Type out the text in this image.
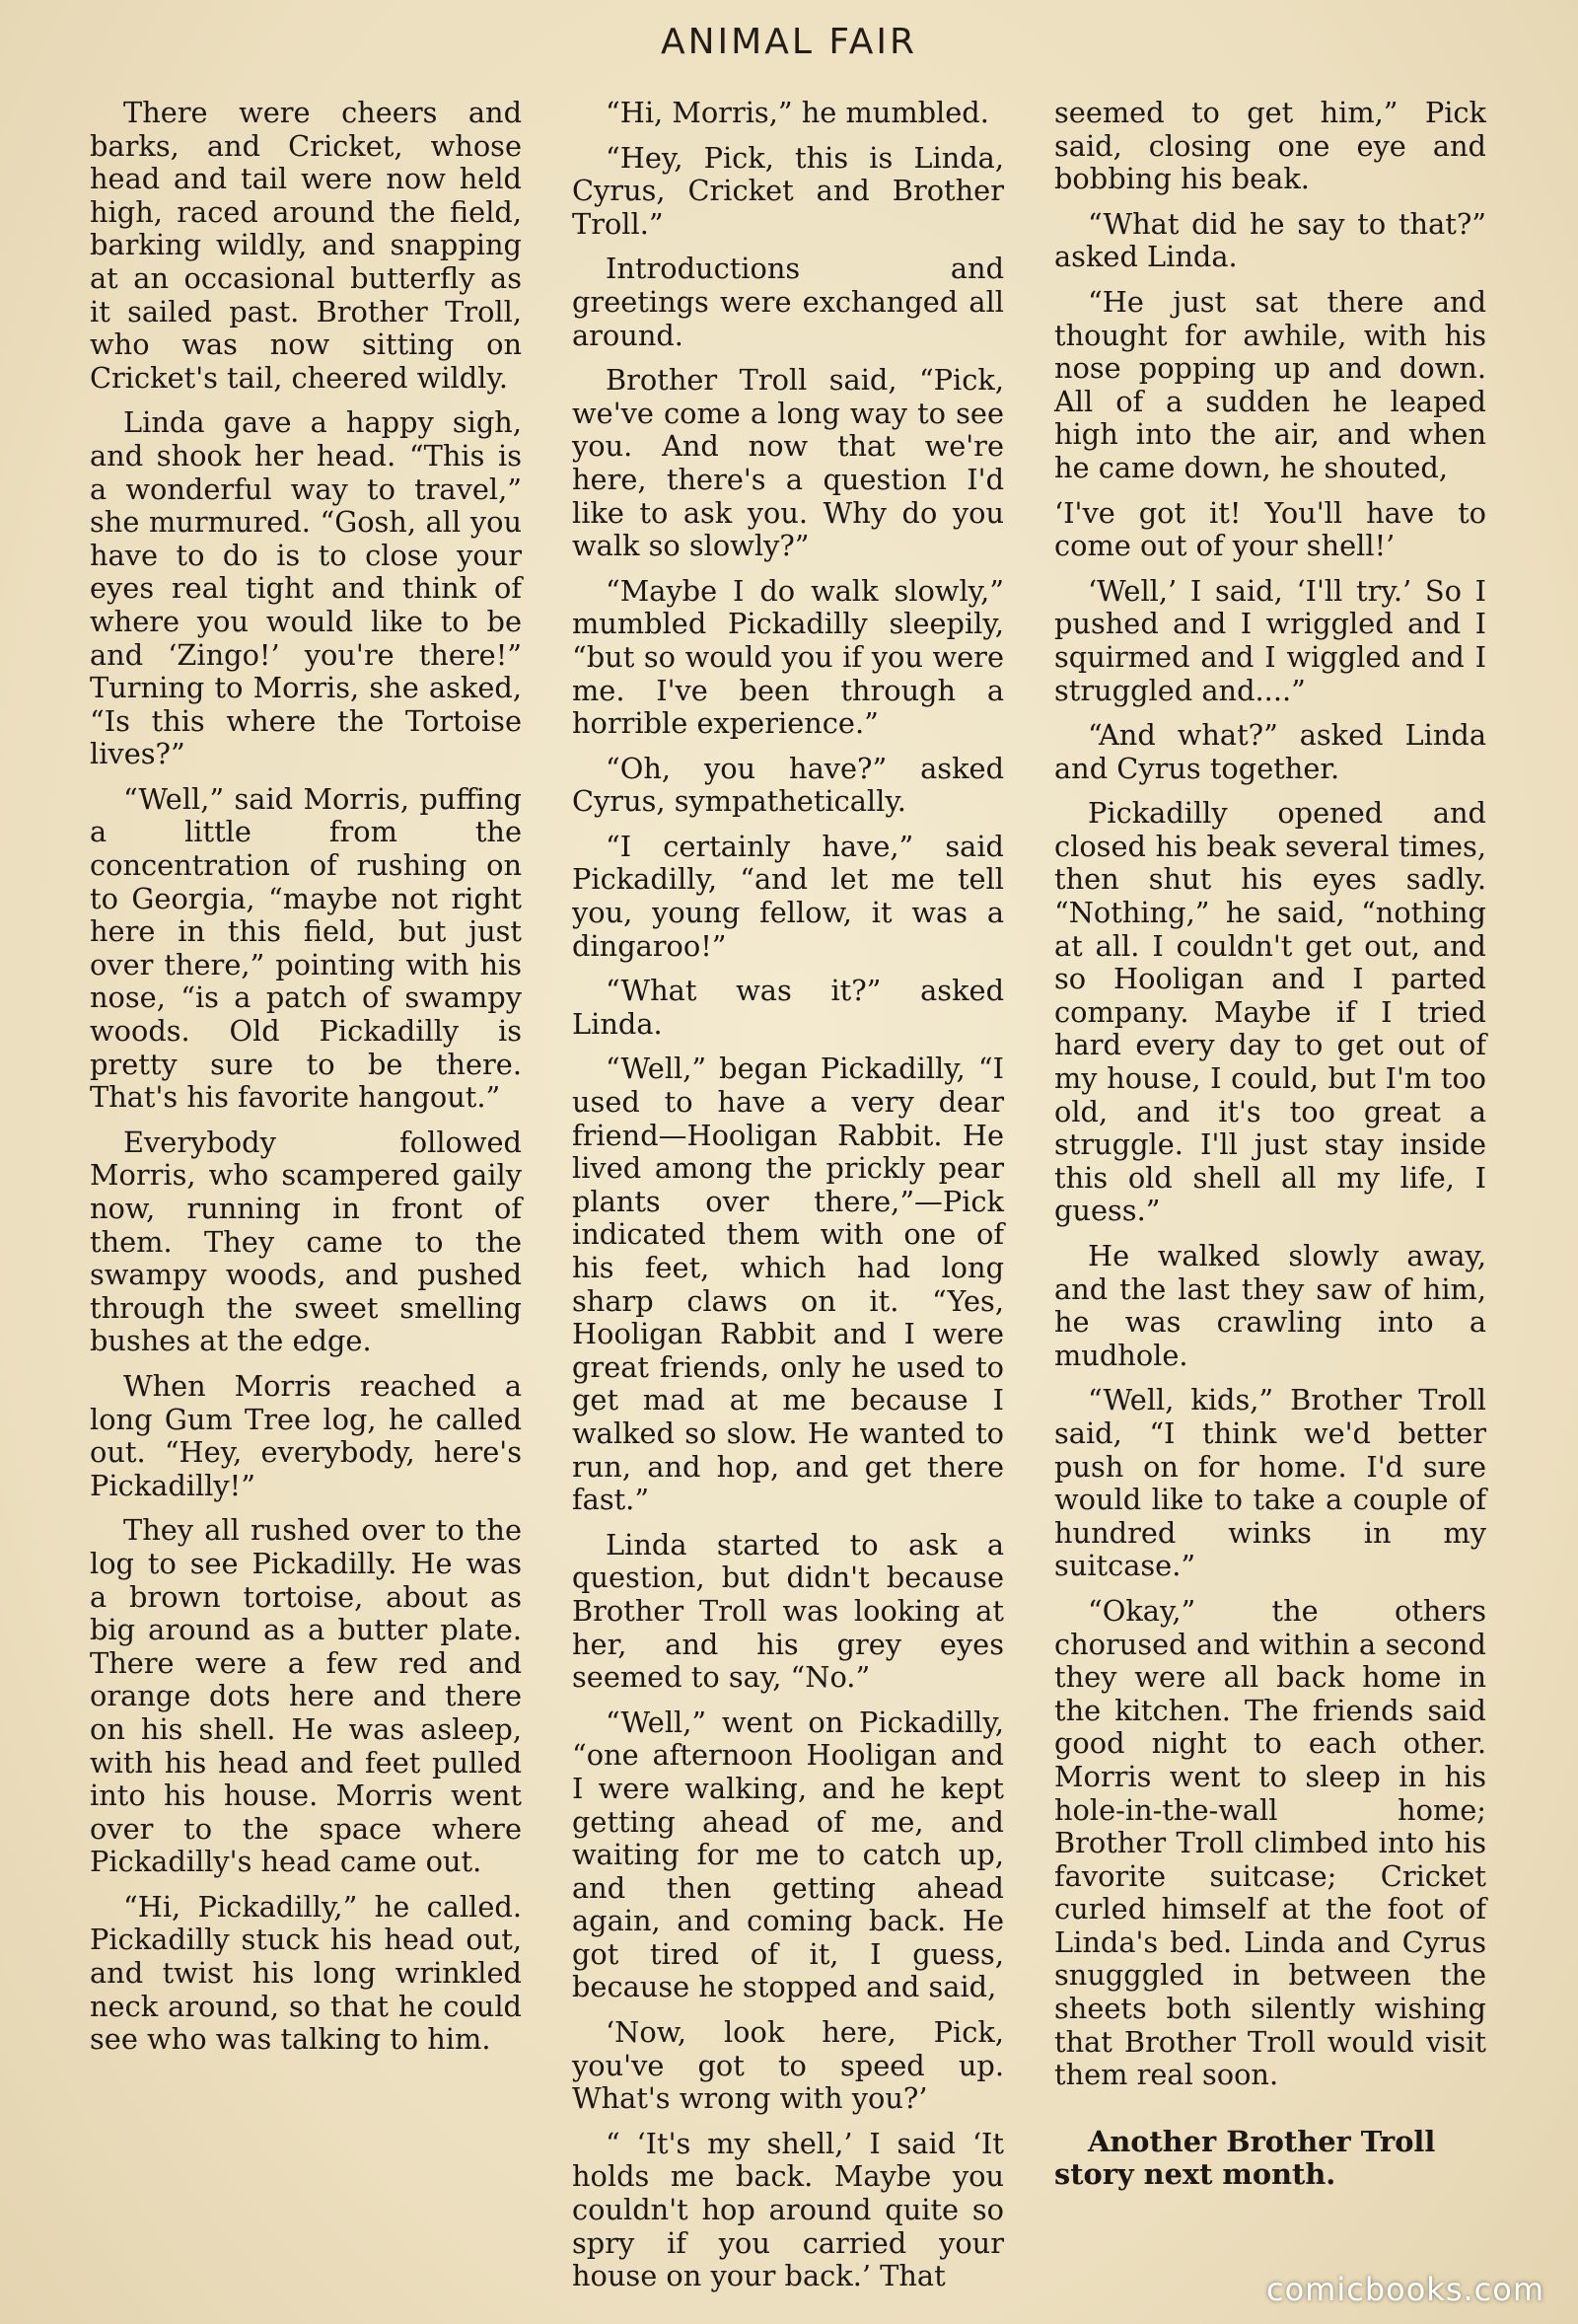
ANIMAL FAIR

There were cheers and barks, and Cricket, whose head and tail were now held high, raced around the field, barking wildly, and snapping at an occasional butterfly as it sailed past. Brother Troll, who was now sitting on Cricket's tail, cheered wildly.

Linda gave a happy sigh, and shook her head. “This is a wonderful way to travel,” she murmured. “Gosh, all you have to do is to close your eyes real tight and think of where you would like to be and ‘Zingo!’ you're there!” Turning to Morris, she asked, “Is this where the Tortoise lives?”

“Well,” said Morris, puffing a little from the concentration of rushing on to Georgia, “maybe not right here in this field, but just over there,” pointing with his nose, “is a patch of swampy woods. Old Pickadilly is pretty sure to be there. That's his favorite hangout.”

Everybody followed Morris, who scampered gaily now, running in front of them. They came to the swampy woods, and pushed through the sweet smelling bushes at the edge.

When Morris reached a long Gum Tree log, he called out. “Hey, everybody, here's Pickadilly!”

They all rushed over to the log to see Pickadilly. He was a brown tortoise, about as big around as a butter plate. There were a few red and orange dots here and there on his shell. He was asleep, with his head and feet pulled into his house. Morris went over to the space where Pickadilly's head came out.

“Hi, Pickadilly,” he called. Pickadilly stuck his head out, and twist his long wrinkled neck around, so that he could see who was talking to him.

“Hi, Morris,” he mumbled.

“Hey, Pick, this is Linda, Cyrus, Cricket and Brother Troll.”

Introductions and greetings were exchanged all around.

Brother Troll said, “Pick, we've come a long way to see you. And now that we're here, there's a question I'd like to ask you. Why do you walk so slowly?”

“Maybe I do walk slowly,” mumbled Pickadilly sleepily, “but so would you if you were me. I've been through a horrible experience.”

“Oh, you have?” asked Cyrus, sympathetically.

“I certainly have,” said Pickadilly, “and let me tell you, young fellow, it was a dingaroo!”

“What was it?” asked Linda.

“Well,” began Pickadilly, “I used to have a very dear friend—Hooligan Rabbit. He lived among the prickly pear plants over there,”—Pick indicated them with one of his feet, which had long sharp claws on it. “Yes, Hooligan Rabbit and I were great friends, only he used to get mad at me because I walked so slow. He wanted to run, and hop, and get there fast.”

Linda started to ask a question, but didn't because Brother Troll was looking at her, and his grey eyes seemed to say, “No.”

“Well,” went on Pickadilly, “one afternoon Hooligan and I were walking, and he kept getting ahead of me, and waiting for me to catch up, and then getting ahead again, and coming back. He got tired of it, I guess, because he stopped and said,

‘Now, look here, Pick, you've got to speed up. What's wrong with you?’

“ ‘It's my shell,’ I said ‘It holds me back. Maybe you couldn't hop around quite so spry if you carried your house on your back.’ That

seemed to get him,” Pick said, closing one eye and bobbing his beak.

“What did he say to that?” asked Linda.

“He just sat there and thought for awhile, with his nose popping up and down. All of a sudden he leaped high into the air, and when he came down, he shouted,

‘I've got it! You'll have to come out of your shell!’

‘Well,’ I said, ‘I'll try.’ So I pushed and I wriggled and I squirmed and I wiggled and I struggled and....”

“And what?” asked Linda and Cyrus together.

Pickadilly opened and closed his beak several times, then shut his eyes sadly. “Nothing,” he said, “nothing at all. I couldn't get out, and so Hooligan and I parted company. Maybe if I tried hard every day to get out of my house, I could, but I'm too old, and it's too great a struggle. I'll just stay inside this old shell all my life, I guess.”

He walked slowly away, and the last they saw of him, he was crawling into a mudhole.

“Well, kids,” Brother Troll said, “I think we'd better push on for home. I'd sure would like to take a couple of hundred winks in my suitcase.”

“Okay,” the others chorused and within a second they were all back home in the kitchen. The friends said good night to each other. Morris went to sleep in his hole-in-the-wall home; Brother Troll climbed into his favorite suitcase; Cricket curled himself at the foot of Linda's bed. Linda and Cyrus snugggled in between the sheets both silently wishing that Brother Troll would visit them real soon.

Another Brother Troll story next month.

comicbooks.com
